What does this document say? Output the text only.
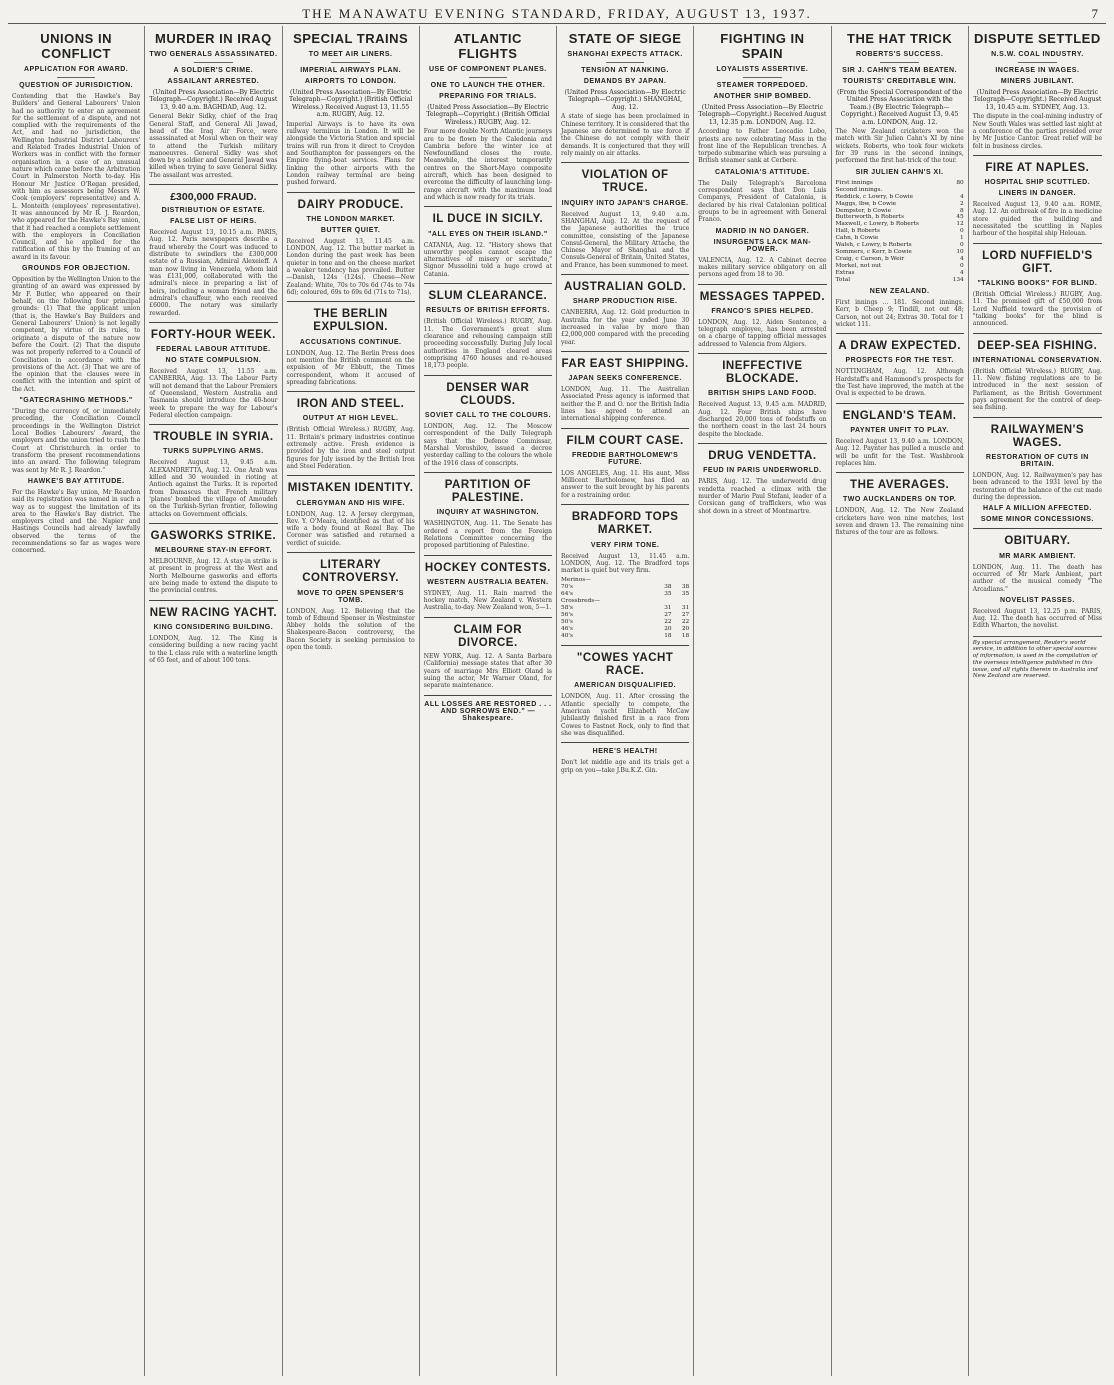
THE MANAWATU EVENING STANDARD, FRIDAY, AUGUST 13, 1937.	7
UNIONS IN CONFLICT
APPLICATION FOR AWARD.
QUESTION OF JURISDICTION.

Contending that the Hawke's Bay Builders' and General Labourers' Union had no authority to enter an agreement for the settlement of a dispute, and not complied with the requirements of the Act, and had no jurisdiction, the Wellington Industrial District Labourers' and Related Trades Industrial Union of Workers was in conflict with the former organisation in a case of an unusual nature which came before the Arbitration Court in Palmerston North to-day. His Honour Mr Justice O'Regan presided, with him as assessors being Messrs W. Cook (employers' representative) and A. L. Monteith (employees' representative). It was announced by Mr R. J. Reardon, who appeared for the Hawke's Bay union, that it had reached a complete settlement with the employers in Conciliation Council, and he applied for the ratification of this by the framing of an award in its favour.

GROUNDS FOR OBJECTION.

Opposition by the Wellington Union to the granting of an award was expressed by Mr F. Butler, who appeared on their behalf, on the following four principal grounds: (1) That the applicant union (that is, the Hawke's Bay Builders and General Labourers' Union) is not legally competent, by virtue of its rules, to originate a dispute of the nature now before the Court. (2) That the dispute was not properly referred to a Council of Conciliation in accordance with the provisions of the Act. (3) That we are of the opinion that the clauses were in conflict with the intention and spirit of the Act.

"GATECRASHING METHODS."

"During the currency of, or immediately preceding, the Conciliation Council proceedings in the Wellington District Local Bodies Labourers' Award, the employers and the union tried to rush the Court at Christchurch in order to transform the present recommendations into an award. The following telegram was sent by Mr R. J. Reardon."

HAWKE'S BAY ATTITUDE.

For the Hawke's Bay union, Mr Reardon said its registration was named in such a way as to suggest the limitation of its area to the Hawke's Bay district. The employers cited and the Napier and Hastings Councils had already lawfully observed the terms of the recommendations so far as wages were concerned.

MURDER IN IRAQ
TWO GENERALS ASSASSINATED.
A SOLDIER'S CRIME.
ASSAILANT ARRESTED.
(United Press Association—By Electric Telegraph—Copyright.) Received August 13, 9.40 a.m. BAGHDAD, Aug. 12.

General Bekir Sidky, chief of the Iraq General Staff, and General Ali Jawad, head of the Iraq Air Force, were assassinated at Mosul when on their way to attend the Turkish military manoeuvres. General Sidky was shot down by a soldier and General Jawad was killed when trying to save General Sidky. The assailant was arrested.

£300,000 FRAUD.
DISTRIBUTION OF ESTATE.
FALSE LIST OF HEIRS.

Received August 13, 10.15 a.m. PARIS, Aug. 12. Paris newspapers describe a fraud whereby the Court was induced to distribute to swindlers the £300,000 estate of a Russian, Admiral Alexeieff. A man now living in Venezuela, whom laid was £131,000, collaborated with the admiral's niece in preparing a list of heirs, including a woman friend and the admiral's chauffeur, who each received £6000. The notary was similarly rewarded.

FORTY-HOUR WEEK.
FEDERAL LABOUR ATTITUDE.
NO STATE COMPULSION.

Received August 13, 11.55 a.m. CANBERRA, Aug. 13. The Labour Party will not demand that the Labour Premiers of Queensland, Western Australia and Tasmania should introduce the 40-hour week to prepare the way for Labour's Federal election campaign.

TROUBLE IN SYRIA.
TURKS SUPPLYING ARMS.

Received August 13, 9.45 a.m. ALEXANDRETTA, Aug. 12. One Arab was killed and 30 wounded in rioting at Antioch against the Turks. It is reported from Damascus that French military 'planes' bombed the village of Amoudeh on the Turkish-Syrian frontier, following attacks on Government officials.

GASWORKS STRIKE.
MELBOURNE STAY-IN EFFORT.

MELBOURNE, Aug. 12. A stay-in strike is at present in progress at the West and North Melbourne gasworks and efforts are being made to extend the dispute to the provincial centres.

NEW RACING YACHT.
KING CONSIDERING BUILDING.

LONDON, Aug. 12. The King is considering building a new racing yacht to the L class rule with a waterline length of 65 feet, and of about 100 tons.

SPECIAL TRAINS
TO MEET AIR LINERS.
IMPERIAL AIRWAYS PLAN.
AIRPORTS TO LONDON.
(United Press Association—By Electric Telegraph—Copyright.) (British Official Wireless.) Received August 13, 11.55 a.m. RUGBY, Aug. 12.

Imperial Airways is to have its own railway terminus in London. It will be alongside the Victoria Station and special trains will run from it direct to Croydon and Southampton for passengers on the Empire flying-boat services. Plans for linking the other airports with the London railway terminal are being pushed forward.

DAIRY PRODUCE.
THE LONDON MARKET.
BUTTER QUIET.

Received August 13, 11.45 a.m. LONDON, Aug. 12. The butter market in London during the past week has been quieter in tone and on the cheese market a weaker tendency has prevailed. Butter—Danish, 124s (124s). Cheese—New Zealand: White, 70s to 70s 6d (74s to 74s 6d); coloured, 69s to 69s 6d (71s to 71s).

THE BERLIN EXPULSION.
ACCUSATIONS CONTINUE.

LONDON, Aug. 12. The Berlin Press does not mention the British comment on the expulsion of Mr Ebbutt, the Times correspondent, whom it accused of spreading fabrications.

IRON AND STEEL.
OUTPUT AT HIGH LEVEL.

(British Official Wireless.) RUGBY, Aug. 11. Britain's primary industries continue extremely active. Fresh evidence is provided by the iron and steel output figures for July issued by the British Iron and Steel Federation.

MISTAKEN IDENTITY.
CLERGYMAN AND HIS WIFE.

LONDON, Aug. 12. A Jersey clergyman, Rev. Y. O'Meara, identified as that of his wife a body found at Rozel Bay. The Coroner was satisfied and returned a verdict of suicide.

LITERARY CONTROVERSY.
MOVE TO OPEN SPENSER'S TOMB.

LONDON, Aug. 12. Believing that the tomb of Edmund Spenser in Westminster Abbey holds the solution of the Shakespeare-Bacon controversy, the Bacon Society is seeking permission to open the tomb.

ATLANTIC FLIGHTS
USE OF COMPONENT PLANES.
ONE TO LAUNCH THE OTHER.
PREPARING FOR TRIALS.
(United Press Association—By Electric Telegraph—Copyright.) (British Official Wireless.) RUGBY, Aug. 12.

Four more double North Atlantic journeys are to be flown by the Caledonia and Cambria before the winter ice at Newfoundland closes the route. Meanwhile, the interest temporarily centres on the Short-Mayo composite aircraft, which has been designed to overcome the difficulty of launching long-range aircraft with the maximum load and which is now ready for its trials.

IL DUCE IN SICILY.
"ALL EYES ON THEIR ISLAND."

CATANIA, Aug. 12. "History shows that unworthy peoples cannot escape the alternatives of misery or servitude," Signor Mussolini told a huge crowd at Catania.

SLUM CLEARANCE.
RESULTS OF BRITISH EFFORTS.

(British Official Wireless.) RUGBY, Aug. 11. The Government's great slum clearance and rehousing campaign still proceeding successfully. During July local authorities in England cleared areas comprising 4760 houses and re-housed 18,173 people.

DENSER WAR CLOUDS.
SOVIET CALL TO THE COLOURS.

LONDON, Aug. 12. The Moscow correspondent of the Daily Telegraph says that the Defence Commissar, Marshal Voroshilov, issued a decree yesterday calling to the colours the whole of the 1916 class of conscripts.

PARTITION OF PALESTINE.
INQUIRY AT WASHINGTON.

WASHINGTON, Aug. 11. The Senate has ordered a report from the Foreign Relations Committee concerning the proposed partitioning of Palestine.

HOCKEY CONTESTS.
WESTERN AUSTRALIA BEATEN.

SYDNEY, Aug. 11. Rain marred the hockey match, New Zealand v. Western Australia, to-day. New Zealand won, 5—1.

CLAIM FOR DIVORCE.

NEW YORK, Aug. 12. A Santa Barbara (California) message states that after 30 years of marriage Mrs Elliott Oland is suing the actor, Mr Warner Oland, for separate maintenance.

ALL LOSSES ARE RESTORED . . . AND SORROWS END." —Shakespeare.
STATE OF SIEGE
SHANGHAI EXPECTS ATTACK.
TENSION AT NANKING.
DEMANDS BY JAPAN.
(United Press Association—By Electric Telegraph—Copyright.) SHANGHAI, Aug. 12.

A state of siege has been proclaimed in Chinese territory. It is considered that the Japanese are determined to use force if the Chinese do not comply with their demands. It is conjectured that they will rely mainly on air attacks.

VIOLATION OF TRUCE.
INQUIRY INTO JAPAN'S CHARGE.

Received August 13, 9.40 a.m. SHANGHAI, Aug. 12. At the request of the Japanese authorities the truce committee, consisting of the Japanese Consul-General, the Military Attache, the Chinese Mayor of Shanghai and the Consuls-General of Britain, United States, and France, has been summoned to meet.

AUSTRALIAN GOLD.
SHARP PRODUCTION RISE.

CANBERRA, Aug. 12. Gold production in Australia for the year ended June 30 increased in value by more than £2,000,000 compared with the preceding year.

FAR EAST SHIPPING.
JAPAN SEEKS CONFERENCE.

LONDON, Aug. 11. The Australian Associated Press agency is informed that neither the P. and O. nor the British India lines has agreed to attend an international shipping conference.

FILM COURT CASE.
FREDDIE BARTHOLOMEW'S FUTURE.

LOS ANGELES, Aug. 11. His aunt, Miss Millicent Bartholomew, has filed an answer to the suit brought by his parents for a restraining order.

BRADFORD TOPS MARKET.
VERY FIRM TONE.

Received August 13, 11.45 a.m. LONDON, Aug. 12. The Bradford tops market is quiet but very firm.

Merinos—		
70's	38	38
64's	35	35
Crossbreds—		
58's	31	31
56's	27	27
50's	22	22
46's	20	20
40's	18	18
"COWES YACHT RACE.
AMERICAN DISQUALIFIED.

LONDON, Aug. 11. After crossing the Atlantic specially to compete, the American yacht Elizabeth McCaw jubilantly finished first in a race from Cowes to Fastnet Rock, only to find that she was disqualified.

HERE'S HEALTH!

Don't let middle age and its trials get a grip on you—take J.Bu.K.Z. Gin.

FIGHTING IN SPAIN
LOYALISTS ASSERTIVE.
STEAMER TORPEDOED.
ANOTHER SHIP BOMBED.
(United Press Association—By Electric Telegraph—Copyright.) Received August 13, 12.35 p.m. LONDON, Aug. 12.

According to Father Leocadio Lobo, priests are now celebrating Mass in the front line of the Republican trenches. A torpedo submarine which was pursuing a British steamer sank at Cerbere.

CATALONIA'S ATTITUDE.

The Daily Telegraph's Barcelona correspondent says that Don Luis Companys, President of Catalonia, is declared by his rival Catalonian political groups to be in agreement with General Franco.

MADRID IN NO DANGER.
INSURGENTS LACK MAN-POWER.

VALENCIA, Aug. 12. A Cabinet decree makes military service obligatory on all persons aged from 18 to 30.

MESSAGES TAPPED.
FRANCO'S SPIES HELPED.

LONDON, Aug. 12. Aiden Sentence, a telegraph employee, has been arrested on a charge of tapping official messages addressed to Valencia from Algiers.

INEFFECTIVE BLOCKADE.
BRITISH SHIPS LAND FOOD.

Received August 13, 9.45 a.m. MADRID, Aug. 12. Four British ships have discharged 20,000 tons of foodstuffs on the northern coast in the last 24 hours despite the blockade.

DRUG VENDETTA.
FEUD IN PARIS UNDERWORLD.

PARIS, Aug. 12. The underworld drug vendetta reached a climax with the murder of Mario Paul Stefani, leader of a Corsican gang of traffickers, who was shot down in a street of Montmartre.

THE HAT TRICK
ROBERTS'S SUCCESS.
SIR J. CAHN'S TEAM BEATEN.
TOURISTS' CREDITABLE WIN.
(From the Special Correspondent of the United Press Association with the Team.) (By Electric Telegraph—Copyright.) Received August 13, 9.45 a.m. LONDON, Aug. 12.

The New Zealand cricketers won the match with Sir Julien Cahn's XI by nine wickets. Roberts, who took four wickets for 39 runs in the second innings, performed the first hat-trick of the tour.

SIR JULIEN CAHN'S XI.
First innings	80
Second innings.	
Reddick, c Lowry, b Cowie	4
Maggs, lbw, b Cowie	2
Dempster, b Cowie	8
Butterworth, b Roberts	45
Maxwell, c Lowry, b Roberts	12
Hall, b Roberts	0
Cahn, b Cowie	1
Walsh, c Lowry, b Roberts	0
Sommers, c Kerr, b Cowie	10
Craig, c Carson, b Weir	4
Morkel, not out	0
Extras	4
Total	134
NEW ZEALAND.

First innings ... 181. Second innings. Kerr, b Cheep 9; Tindill, not out 48; Carson, not out 24; Extras 30. Total for 1 wicket 111.

A DRAW EXPECTED.
PROSPECTS FOR THE TEST.

NOTTINGHAM, Aug. 12. Although Hardstaff's and Hammond's prospects for the Test have improved, the match at the Oval is expected to be drawn.

ENGLAND'S TEAM.
PAYNTER UNFIT TO PLAY.

Received August 13, 9.40 a.m. LONDON, Aug. 12. Paynter has pulled a muscle and will be unfit for the Test. Washbrook replaces him.

THE AVERAGES.
TWO AUCKLANDERS ON TOP.

LONDON, Aug. 12. The New Zealand cricketers have won nine matches, lost seven and drawn 13. The remaining nine fixtures of the tour are as follows.

DISPUTE SETTLED
N.S.W. COAL INDUSTRY.
INCREASE IN WAGES.
MINERS JUBILANT.
(United Press Association—By Electric Telegraph—Copyright.) Received August 13, 10.45 a.m. SYDNEY, Aug. 13.

The dispute in the coal-mining industry of New South Wales was settled last night at a conference of the parties presided over by Mr Justice Cantor. Great relief will be felt in business circles.

FIRE AT NAPLES.
HOSPITAL SHIP SCUTTLED.
LINERS IN DANGER.

Received August 13, 9.40 a.m. ROME, Aug. 12. An outbreak of fire in a medicine store guided the building and necessitated the scuttling in Naples harbour of the hospital ship Helouan.

LORD NUFFIELD'S GIFT.
"TALKING BOOKS" FOR BLIND.

(British Official Wireless.) RUGBY, Aug. 11. The promised gift of £50,000 from Lord Nuffield toward the provision of "talking books" for the blind is announced.

DEEP-SEA FISHING.
INTERNATIONAL CONSERVATION.

(British Official Wireless.) RUGBY, Aug. 11. New fishing regulations are to be introduced in the next session of Parliament, as the British Government pays agreement for the control of deep-sea fishing.

RAILWAYMEN'S WAGES.
RESTORATION OF CUTS IN BRITAIN.

LONDON, Aug. 12. Railwaymen's pay has been advanced to the 1931 level by the restoration of the balance of the cut made during the depression.

HALF A MILLION AFFECTED.
SOME MINOR CONCESSIONS.
OBITUARY.
MR MARK AMBIENT.

LONDON, Aug. 11. The death has occurred of Mr Mark Ambient, part author of the musical comedy "The Arcadians."

NOVELIST PASSES.

Received August 13, 12.25 p.m. PARIS, Aug. 12. The death has occurred of Miss Edith Wharton, the novelist.

By special arrangement, Reuter's world service, in addition to other special sources of information, is used in the compilation of the overseas intelligence published in this issue, and all rights therein in Australia and New Zealand are reserved.
